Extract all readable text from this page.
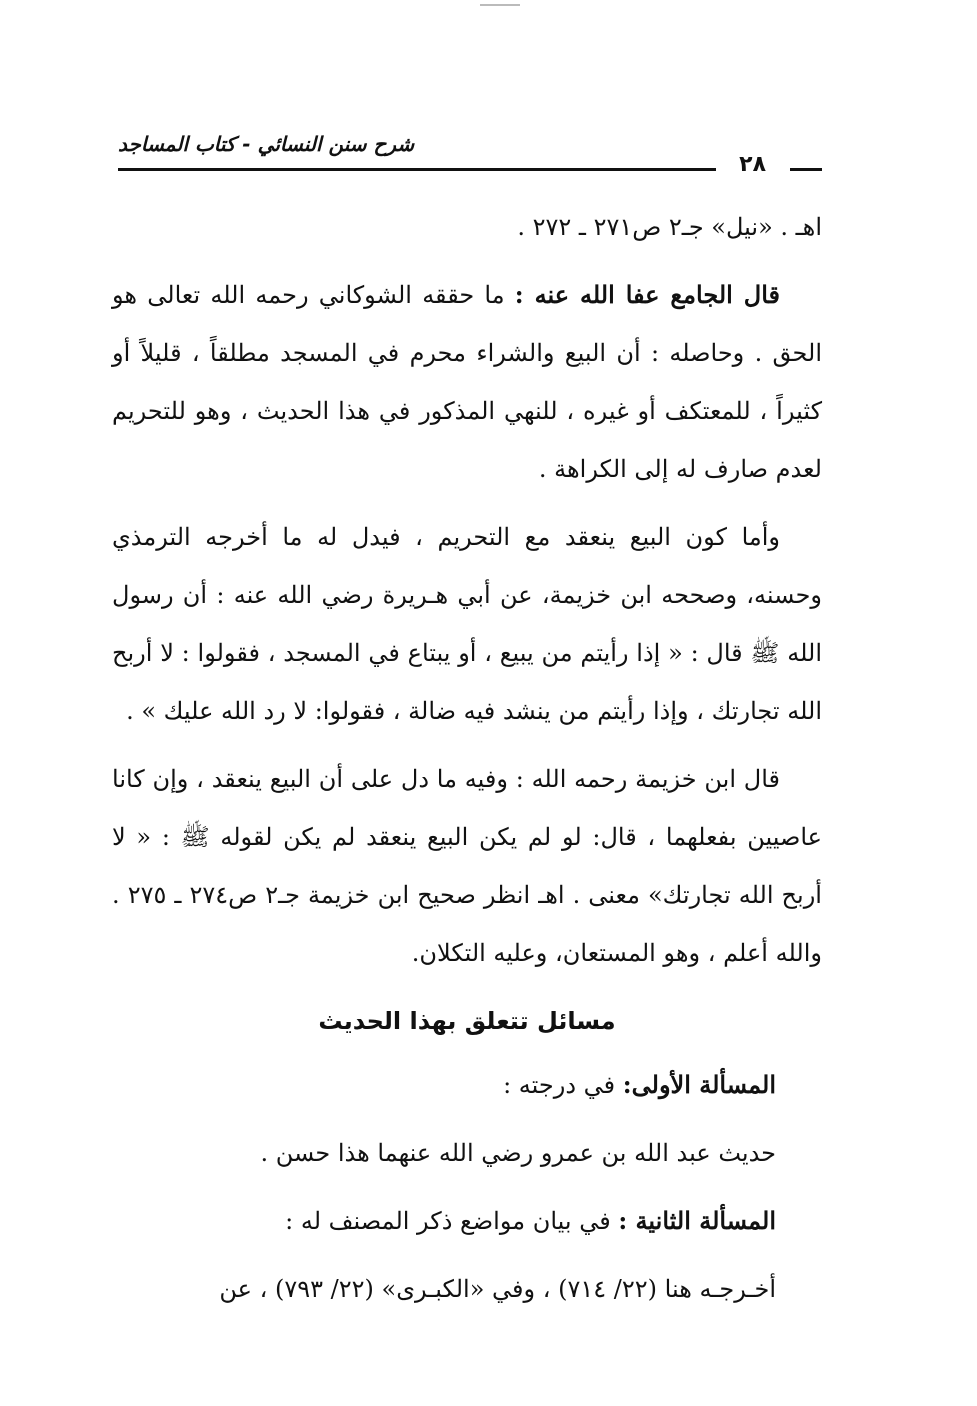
شرح سنن النسائي - كتاب المساجد
٢٨

اهـ . «نيل» جـ٢ ص٢٧١ ـ ٢٧٢ .

قال الجامع عفا الله عنه : ما حققه الشوكاني رحمه الله تعالى هو الحق . وحاصله : أن البيع والشراء محرم في المسجد مطلقاً ، قليلاً أو كثيراً ، للمعتكف أو غيره ، للنهي المذكور في هذا الحديث ، وهو للتحريم لعدم صارف له إلى الكراهة .

وأما كون البيع ينعقد مع التحريم ، فيدل له ما أخرجه الترمذي وحسنه، وصححه ابن خزيمة، عن أبي هـريرة رضي الله عنه : أن رسول الله ﷺ قال : « إذا رأيتم من يبيع ، أو يبتاع في المسجد ، فقولوا : لا أربح الله تجارتك ، وإذا رأيتم من ينشد فيه ضالة ، فقولوا: لا رد الله عليك » .

قال ابن خزيمة رحمه الله : وفيه ما دل على أن البيع ينعقد ، وإن كانا عاصيين بفعلهما ، قال: لو لم يكن البيع ينعقد لم يكن لقوله ﷺ : « لا أربح الله تجارتك» معنى . اهـ انظر صحيح ابن خزيمة جـ٢ ص٢٧٤ ـ ٢٧٥ . والله أعلم ، وهو المستعان، وعليه التكلان.

مسائل تتعلق بهذا الحديث

المسألة الأولى: في درجته :

حديث عبد الله بن عمرو رضي الله عنهما هذا حسن .

المسألة الثانية : في بيان مواضع ذكر المصنف له :

أخـرجـه هنا (٢٢/ ٧١٤) ، وفي «الكبـرى» (٢٢/ ٧٩٣) ، عن
